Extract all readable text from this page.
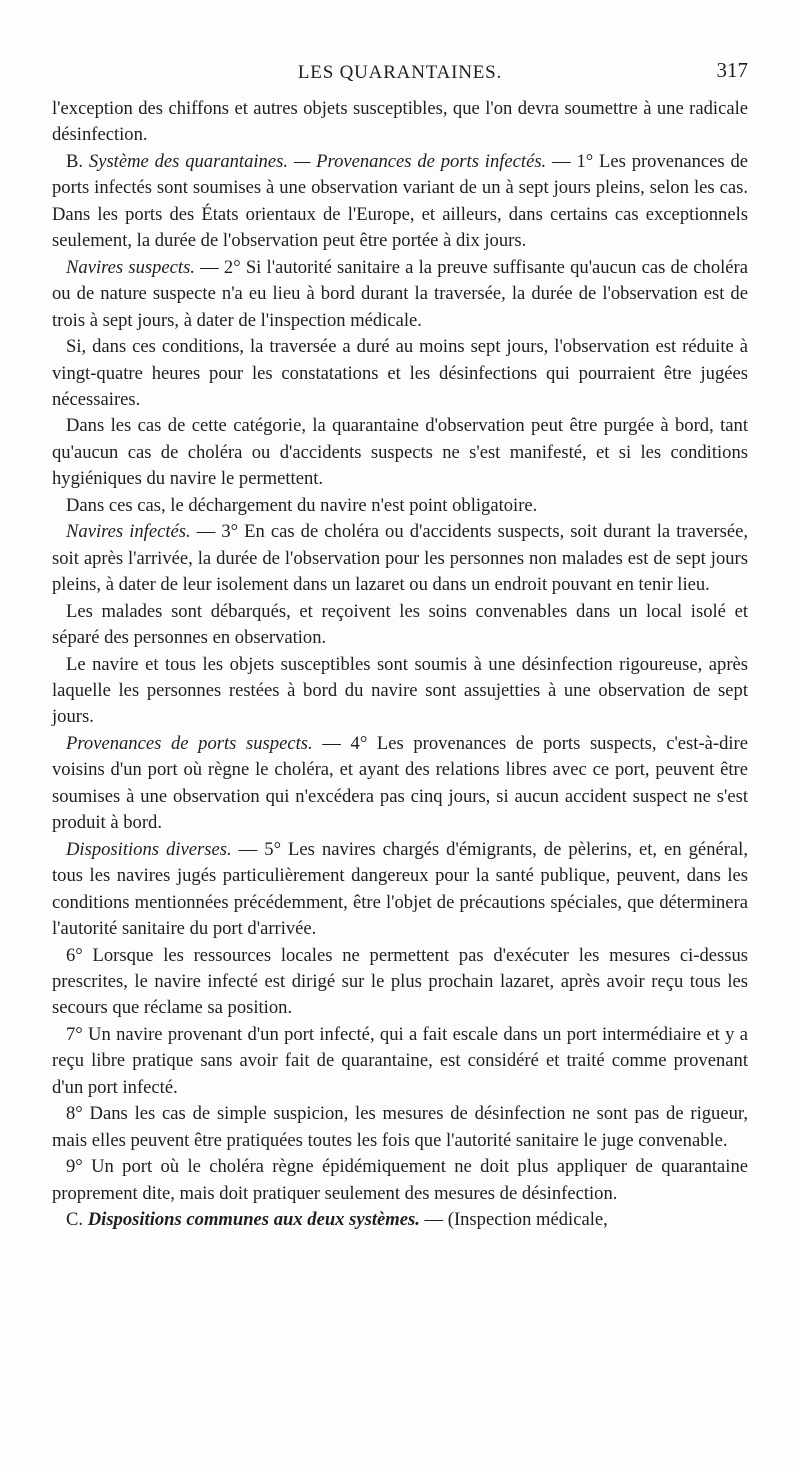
LES QUARANTAINES.	317

l'exception des chiffons et autres objets susceptibles, que l'on devra soumettre à une radicale désinfection.

B. Système des quarantaines. — Provenances de ports infectés. — 1° Les provenances de ports infectés sont soumises à une observation variant de un à sept jours pleins, selon les cas. Dans les ports des États orientaux de l'Europe, et ailleurs, dans certains cas exceptionnels seulement, la durée de l'observation peut être portée à dix jours.

Navires suspects. — 2° Si l'autorité sanitaire a la preuve suffisante qu'aucun cas de choléra ou de nature suspecte n'a eu lieu à bord durant la traversée, la durée de l'observation est de trois à sept jours, à dater de l'inspection médicale.

Si, dans ces conditions, la traversée a duré au moins sept jours, l'observation est réduite à vingt-quatre heures pour les constatations et les désinfections qui pourraient être jugées nécessaires.

Dans les cas de cette catégorie, la quarantaine d'observation peut être purgée à bord, tant qu'aucun cas de choléra ou d'accidents suspects ne s'est manifesté, et si les conditions hygiéniques du navire le permettent.

Dans ces cas, le déchargement du navire n'est point obligatoire.

Navires infectés. — 3° En cas de choléra ou d'accidents suspects, soit durant la traversée, soit après l'arrivée, la durée de l'observation pour les personnes non malades est de sept jours pleins, à dater de leur isolement dans un lazaret ou dans un endroit pouvant en tenir lieu.

Les malades sont débarqués, et reçoivent les soins convenables dans un local isolé et séparé des personnes en observation.

Le navire et tous les objets susceptibles sont soumis à une désinfection rigoureuse, après laquelle les personnes restées à bord du navire sont assujetties à une observation de sept jours.

Provenances de ports suspects. — 4° Les provenances de ports suspects, c'est-à-dire voisins d'un port où règne le choléra, et ayant des relations libres avec ce port, peuvent être soumises à une observation qui n'excédera pas cinq jours, si aucun accident suspect ne s'est produit à bord.

Dispositions diverses. — 5° Les navires chargés d'émigrants, de pèlerins, et, en général, tous les navires jugés particulièrement dangereux pour la santé publique, peuvent, dans les conditions mentionnées précédemment, être l'objet de précautions spéciales, que déterminera l'autorité sanitaire du port d'arrivée.

6° Lorsque les ressources locales ne permettent pas d'exécuter les mesures ci-dessus prescrites, le navire infecté est dirigé sur le plus prochain lazaret, après avoir reçu tous les secours que réclame sa position.

7° Un navire provenant d'un port infecté, qui a fait escale dans un port intermédiaire et y a reçu libre pratique sans avoir fait de quarantaine, est considéré et traité comme provenant d'un port infecté.

8° Dans les cas de simple suspicion, les mesures de désinfection ne sont pas de rigueur, mais elles peuvent être pratiquées toutes les fois que l'autorité sanitaire le juge convenable.

9° Un port où le choléra règne épidémiquement ne doit plus appliquer de quarantaine proprement dite, mais doit pratiquer seulement des mesures de désinfection.

C. Dispositions communes aux deux systèmes. — (Inspection médicale,
